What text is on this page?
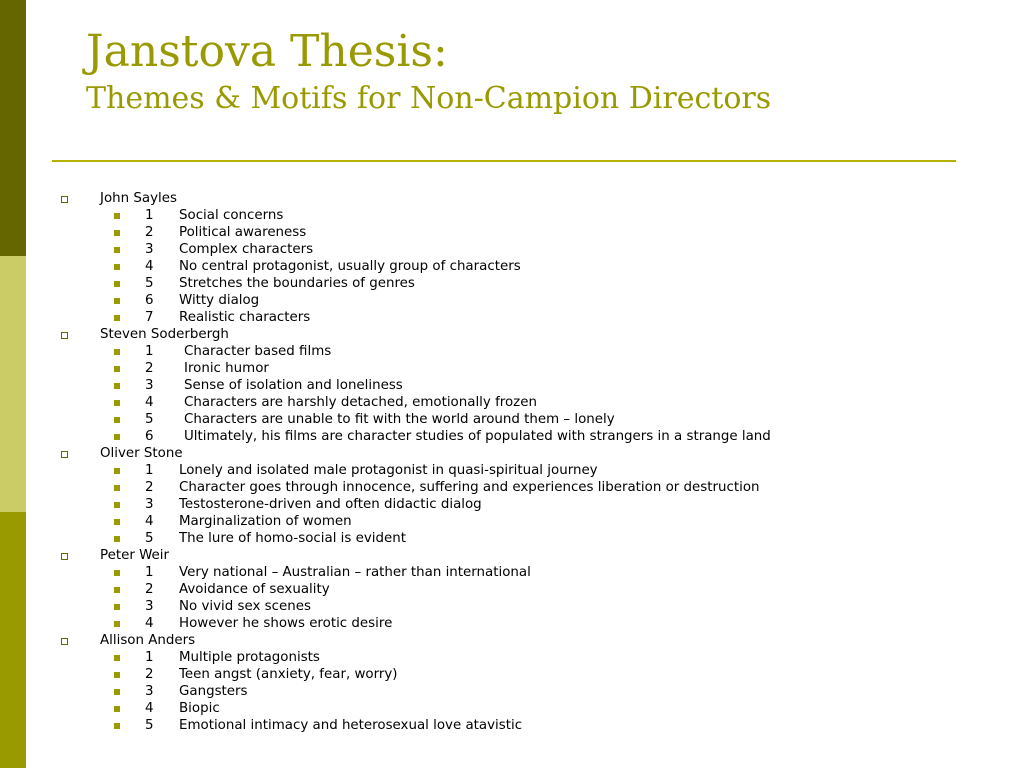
Janstova Thesis:
Themes & Motifs for Non-Campion Directors
John Sayles
1 Social concerns
2 Political awareness
3 Complex characters
4 No central protagonist, usually group of characters
5 Stretches the boundaries of genres
6 Witty dialog
7 Realistic characters
Steven Soderbergh
1 Character based films
2 Ironic humor
3 Sense of isolation and loneliness
4 Characters are harshly detached, emotionally frozen
5 Characters are unable to fit with the world around them – lonely
6 Ultimately, his films are character studies of populated with strangers in a strange land
Oliver Stone
1 Lonely and isolated male protagonist in quasi-spiritual journey
2 Character goes through innocence, suffering and experiences liberation or destruction
3 Testosterone-driven and often didactic dialog
4 Marginalization of women
5 The lure of homo-social is evident
Peter Weir
1 Very national – Australian – rather than international
2 Avoidance of sexuality
3 No vivid sex scenes
4 However he shows erotic desire
Allison Anders
1 Multiple protagonists
2 Teen angst (anxiety, fear, worry)
3 Gangsters
4 Biopic
5 Emotional intimacy and heterosexual love atavistic
